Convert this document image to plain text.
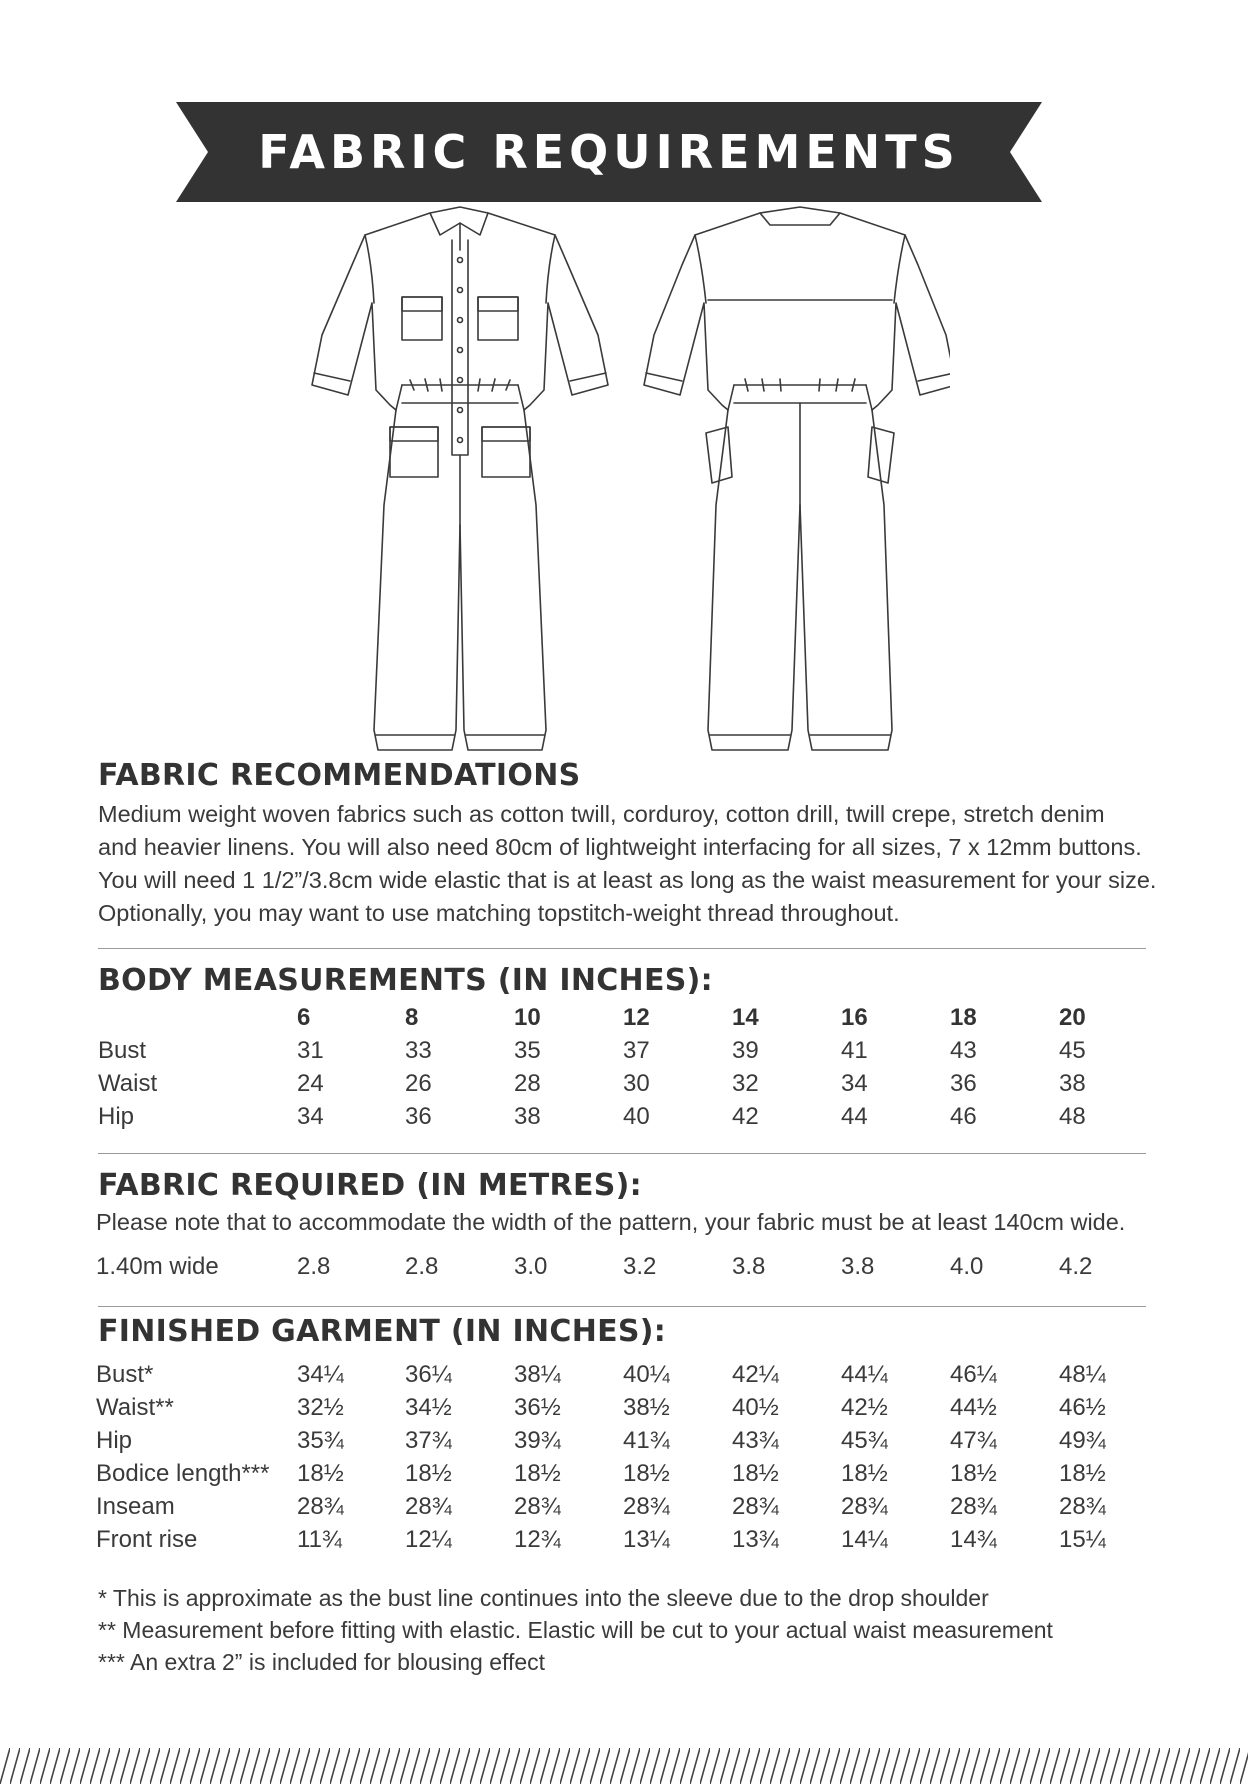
FABRIC REQUIREMENTS
FABRIC RECOMMENDATIONS

Medium weight woven fabrics such as cotton twill, corduroy, cotton drill, twill crepe, stretch denim
and heavier linens. You will also need 80cm of lightweight interfacing for all sizes, 7 x 12mm buttons.
You will need 1 1/2”/3.8cm wide elastic that is at least as long as the waist measurement for your size.
Optionally, you may want to use matching topstitch-weight thread throughout.

BODY MEASUREMENTS (IN INCHES):
6	8	10	12	14	16	18	20
Bust	31	33	35	37	39	41	43	45
Waist	24	26	28	30	32	34	36	38
Hip	34	36	38	40	42	44	46	48
FABRIC REQUIRED (IN METRES):

Please note that to accommodate the width of the pattern, your fabric must be at least 140cm wide.

1.40m wide	2.8	2.8	3.0	3.2	3.8	3.8	4.0	4.2
FINISHED GARMENT (IN INCHES):
Bust*	34¼	36¼	38¼	40¼	42¼	44¼	46¼	48¼
Waist**	32½	34½	36½	38½	40½	42½	44½	46½
Hip	35¾	37¾	39¾	41¾	43¾	45¾	47¾	49¾
Bodice length*** 18½	18½	18½	18½	18½	18½	18½	18½
Inseam	28¾	28¾	28¾	28¾	28¾	28¾	28¾	28¾
Front rise	11¾	12¼	12¾	13¼	13¾	14¼	14¾	15¼

* This is approximate as the bust line continues into the sleeve due to the drop shoulder

** Measurement before fitting with elastic. Elastic will be cut to your actual waist measurement

*** An extra 2” is included for blousing effect
